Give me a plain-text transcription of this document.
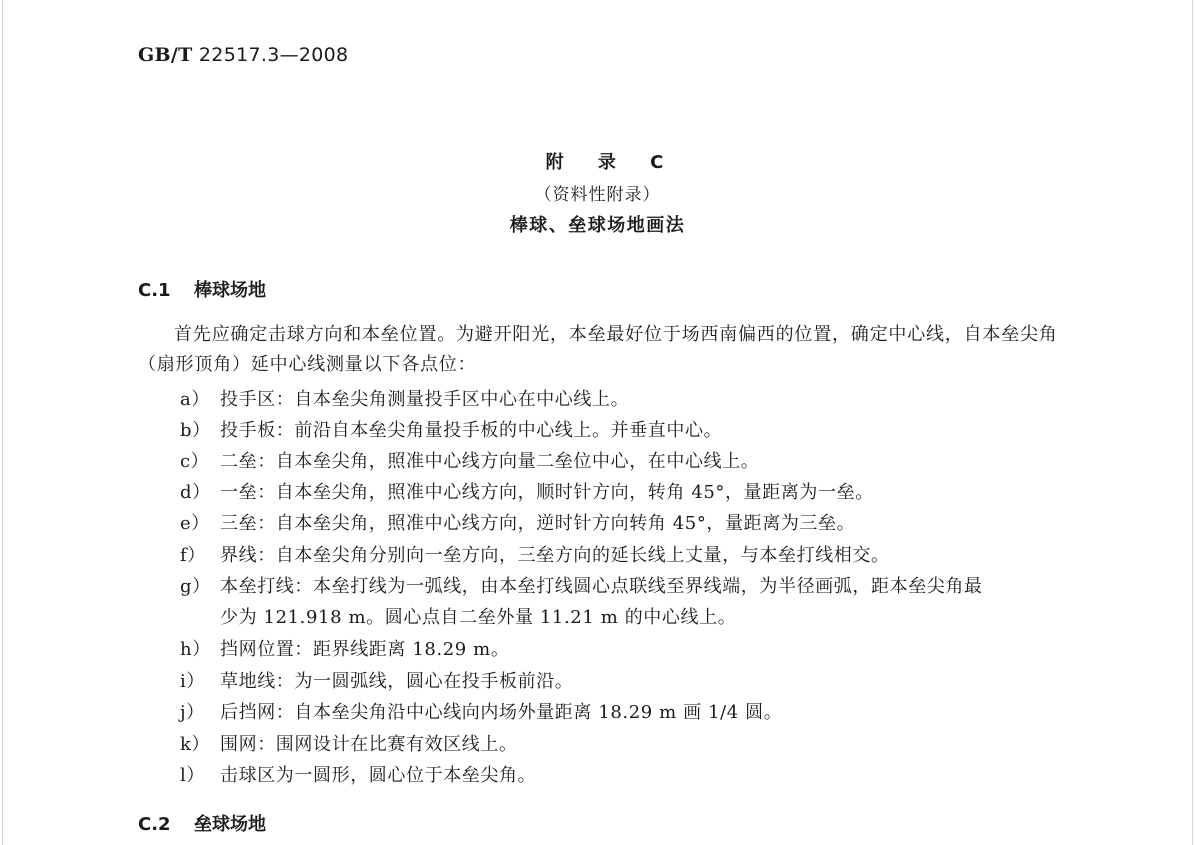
GB/T 22517.3—2008
附 录 C
（资料性附录）
棒球、垒球场地画法
C.1 棒球场地
首先应确定击球方向和本垒位置。为避开阳光，本垒最好位于场西南偏西的位置，确定中心线，自本垒尖角（扇形顶角）延中心线测量以下各点位：
a） 投手区：自本垒尖角测量投手区中心在中心线上。
b） 投手板：前沿自本垒尖角量投手板的中心线上。并垂直中心。
c） 二垒：自本垒尖角，照准中心线方向量二垒位中心，在中心线上。
d） 一垒：自本垒尖角，照准中心线方向，顺时针方向，转角 45°，量距离为一垒。
e） 三垒：自本垒尖角，照准中心线方向，逆时针方向转角 45°，量距离为三垒。
f） 界线：自本垒尖角分别向一垒方向，三垒方向的延长线上丈量，与本垒打线相交。
g） 本垒打线：本垒打线为一弧线，由本垒打线圆心点联线至界线端，为半径画弧，距本垒尖角最
少为 121.918 m。圆心点自二垒外量 11.21 m 的中心线上。
h） 挡网位置：距界线距离 18.29 m。
i） 草地线：为一圆弧线，圆心在投手板前沿。
j） 后挡网：自本垒尖角沿中心线向内场外量距离 18.29 m 画 1/4 圆。
k） 围网：围网设计在比赛有效区线上。
l） 击球区为一圆形，圆心位于本垒尖角。
C.2 垒球场地
